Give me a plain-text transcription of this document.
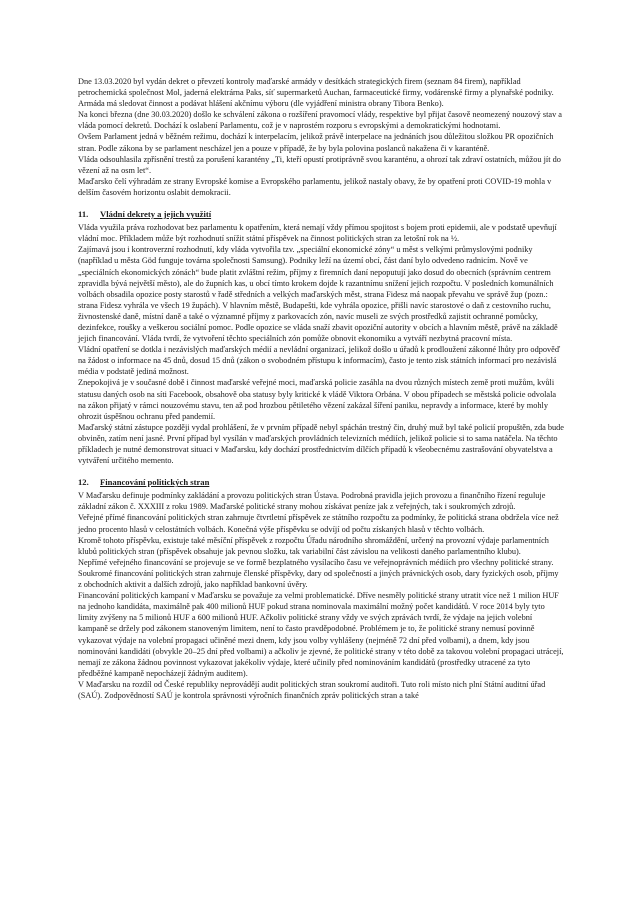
Dne 13.03.2020 byl vydán dekret o převzetí kontroly maďarské armády v desítkách strategických firem (seznam 84 firem), například petrochemická společnost Mol, jaderná elektrárna Paks, síť supermarketů Auchan, farmaceutické firmy, vodárenské firmy a plynařské podniky. Armáda má sledovat činnost a podávat hlášení akčnímu výboru (dle vyjádření ministra obrany Tibora Benko).

Na konci března (dne 30.03.2020) došlo ke schválení zákona o rozšíření pravomocí vlády, respektive byl přijat časově neomezený nouzový stav a vláda pomocí dekretů. Dochází k oslabení Parlamentu, což je v naprostém rozporu s evropskými a demokratickými hodnotami.

Ovšem Parlament jedná v běžném režimu, dochází k interpelacím, jelikož právě interpelace na jednáních jsou důležitou složkou PR opozičních stran. Podle zákona by se parlament nescházel jen a pouze v případě, že by byla polovina poslanců nakažena či v karanténě.

Vláda odsouhlasila zpřísnění trestů za porušení karantény „Ti, kteří opustí protiprávně svou karanténu, a ohrozí tak zdraví ostatních, můžou jít do vězení až na osm let“.

Maďarsko čelí výhradám ze strany Evropské komise a Evropského parlamentu, jelikož nastaly obavy, že by opatření proti COVID-19 mohla v delším časovém horizontu oslabit demokracii.

11. Vládní dekrety a jejich využití

Vláda využila práva rozhodovat bez parlamentu k opatřením, která nemají vždy přímou spojitost s bojem proti epidemii, ale v podstatě upevňují vládní moc. Příkladem může být rozhodnutí snížit státní příspěvek na činnost politických stran za letošní rok na ½.

Zajímavá jsou i kontroverzní rozhodnutí, kdy vláda vytvořila tzv. „speciální ekonomické zóny“ u měst s velkými průmyslovými podniky (například u města Göd funguje továrna společnosti Samsung). Podniky leží na území obcí, část daní bylo odvedeno radnicím. Nově ve „speciálních ekonomických zónách“ bude platit zvláštní režim, příjmy z firemních daní nepoputují jako dosud do obecních (správním centrem zpravidla bývá největší město), ale do župních kas, u obcí tímto krokem dojde k razantnímu snížení jejich rozpočtu. V posledních komunálních volbách obsadila opozice posty starostů v řadě středních a velkých maďarských měst, strana Fidesz má naopak převahu ve správě žup (pozn.: strana Fidesz vyhrála ve všech 19 župách). V hlavním městě, Budapešti, kde vyhrála opozice, přišli navíc starostové o daň z cestovního ruchu, živnostenské daně, místní daně a také o významné příjmy z parkovacích zón, navíc museli ze svých prostředků zajistit ochranné pomůcky, dezinfekce, roušky a veškerou sociální pomoc. Podle opozice se vláda snaží zbavit opoziční autority v obcích a hlavním městě, právě na základě jejich financování. Vláda tvrdí, že vytvoření těchto speciálních zón pomůže obnovit ekonomiku a vytváří nezbytná pracovní místa.

Vládní opatření se dotkla i nezávislých maďarských médií a nevládní organizací, jelikož došlo u úřadů k prodloužení zákonné lhůty pro odpověď na žádost o informace na 45 dnů, dosud 15 dnů (zákon o svobodném přístupu k informacím), často je tento zisk státních informací pro nezávislá média v podstatě jediná možnost.

Znepokojivá je v současné době i činnost maďarské veřejné moci, maďarská policie zasáhla na dvou různých místech země proti mužům, kvůli statusu daných osob na síti Facebook, obsahově oba statusy byly kritické k vládě Viktora Orbána. V obou případech se městská policie odvolala na zákon přijatý v rámci nouzovému stavu, ten až pod hrozbou pětiletého vězení zakázal šíření paniku, nepravdy a informace, které by mohly ohrozit úspěšnou ochranu před pandemií.

Maďarský státní zástupce později vydal prohlášení, že v prvním případě nebyl spáchán trestný čin, druhý muž byl také policií propuštěn, zda bude obviněn, zatím není jasné. První případ byl vysílán v maďarských provládních televizních médiích, jelikož policie si to sama natáčela. Na těchto příkladech je nutné demonstrovat situaci v Maďarsku, kdy dochází prostřednictvím dílčích případů k všeobecnému zastrašování obyvatelstva a vytváření určitého memento.

12. Financování politických stran

V Maďarsku definuje podmínky zakládání a provozu politických stran Ústava. Podrobná pravidla jejich provozu a finančního řízení reguluje základní zákon č. XXXIII z roku 1989. Maďarské politické strany mohou získávat peníze jak z veřejných, tak i soukromých zdrojů.

Veřejné přímé financování politických stran zahrnuje čtvrtletní příspěvek ze státního rozpočtu za podmínky, že politická strana obdržela více než jedno procento hlasů v celostátních volbách. Konečná výše příspěvku se odvíjí od počtu získaných hlasů v těchto volbách.

Kromě tohoto příspěvku, existuje také měsíční příspěvek z rozpočtu Úřadu národního shromáždění, určený na provozní výdaje parlamentních klubů politických stran (příspěvek obsahuje jak pevnou složku, tak variabilní část závislou na velikosti daného parlamentního klubu).

Nepřímé veřejného financování se projevuje se ve formě bezplatného vysílacího času ve veřejnoprávních médiích pro všechny politické strany.

Soukromé financování politických stran zahrnuje členské příspěvky, dary od společností a jiných právnických osob, dary fyzických osob, příjmy z obchodních aktivit a dalších zdrojů, jako například bankovní úvěry.

Financování politických kampaní v Maďarsku se považuje za velmi problematické. Dříve nesměly politické strany utratit více než 1 milion HUF na jednoho kandidáta, maximálně pak 400 milionů HUF pokud strana nominovala maximální možný počet kandidátů. V roce 2014 byly tyto limity zvýšeny na 5 milionů HUF a 600 milionů HUF. Ačkoliv politické strany vždy ve svých zprávách tvrdí, že výdaje na jejich volební kampaně se držely pod zákonem stanoveným limitem, není to často pravděpodobné. Problémem je to, že politické strany nemusí povinně vykazovat výdaje na volební propagaci učiněné mezi dnem, kdy jsou volby vyhlášeny (nejméně 72 dní před volbami), a dnem, kdy jsou nominováni kandidáti (obvykle 20–25 dní před volbami) a ačkoliv je zjevné, že politické strany v této době za takovou volební propagaci utrácejí, nemají ze zákona žádnou povinnost vykazovat jakékoliv výdaje, které učinily před nominováním kandidátů (prostředky utracené za tyto předběžné kampaně nepocházejí žádným auditem).

V Maďarsku na rozdíl od České republiky neprovádějí audit politických stran soukromí auditoři. Tuto roli místo nich plní Státní auditní úřad (SAÚ). Zodpovědností SAÚ je kontrola správnosti výročních finančních zpráv politických stran a také
